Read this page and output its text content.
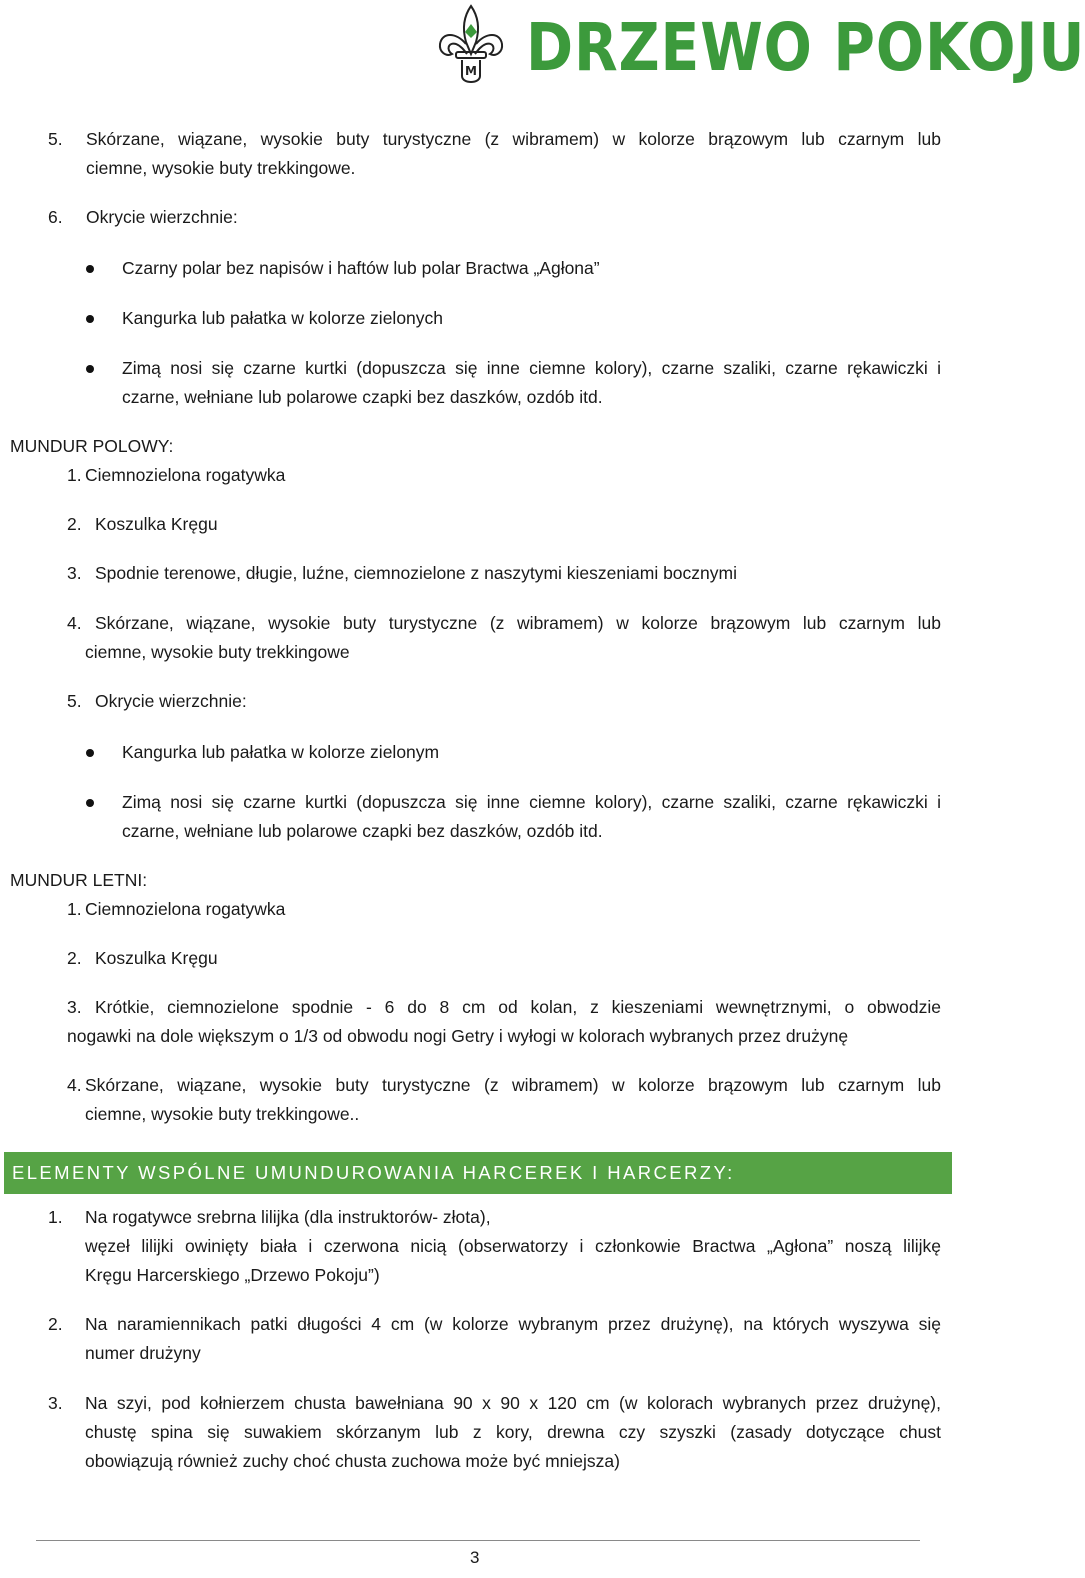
M DRZEWO POKOJU
5. Skórzane, wiązane, wysokie buty turystyczne (z wibramem) w kolorze brązowym lub czarnym lub
ciemne, wysokie buty trekkingowe.
6. Okrycie wierzchnie:
Czarny polar bez napisów i haftów lub polar Bractwa „Agłona”
Kangurka lub pałatka w kolorze zielonych
Zimą nosi się czarne kurtki (dopuszcza się inne ciemne kolory), czarne szaliki, czarne rękawiczki i
czarne, wełniane lub polarowe czapki bez daszków, ozdób itd.
MUNDUR POLOWY:
1. Ciemnozielona rogatywka
2. Koszulka Kręgu
3. Spodnie terenowe, długie, luźne, ciemnozielone z naszytymi kieszeniami bocznymi
4. Skórzane, wiązane, wysokie buty turystyczne (z wibramem) w kolorze brązowym lub czarnym lub
ciemne, wysokie buty trekkingowe
5. Okrycie wierzchnie:
Kangurka lub pałatka w kolorze zielonym
Zimą nosi się czarne kurtki (dopuszcza się inne ciemne kolory), czarne szaliki, czarne rękawiczki i
czarne, wełniane lub polarowe czapki bez daszków, ozdób itd.
MUNDUR LETNI:
1. Ciemnozielona rogatywka
2. Koszulka Kręgu
3. Krótkie, ciemnozielone spodnie - 6 do 8 cm od kolan, z kieszeniami wewnętrznymi, o obwodzie
nogawki na dole większym o 1/3 od obwodu nogi Getry i wyłogi w kolorach wybranych przez drużynę
4. Skórzane, wiązane, wysokie buty turystyczne (z wibramem) w kolorze brązowym lub czarnym lub
ciemne, wysokie buty trekkingowe..
ELEMENTY WSPÓLNE UMUNDUROWANIA HARCEREK I HARCERZY:
1. Na rogatywce srebrna lilijka (dla instruktorów- złota),
węzeł lilijki owinięty biała i czerwona nicią (obserwatorzy i członkowie Bractwa „Agłona” noszą lilijkę
Kręgu Harcerskiego „Drzewo Pokoju”)
2. Na naramiennikach patki długości 4 cm (w kolorze wybranym przez drużynę), na których wyszywa się
numer drużyny
3. Na szyi, pod kołnierzem chusta bawełniana 90 x 90 x 120 cm (w kolorach wybranych przez drużynę),
chustę spina się suwakiem skórzanym lub z kory, drewna czy szyszki (zasady dotyczące chust
obowiązują również zuchy choć chusta zuchowa może być mniejsza)
3
